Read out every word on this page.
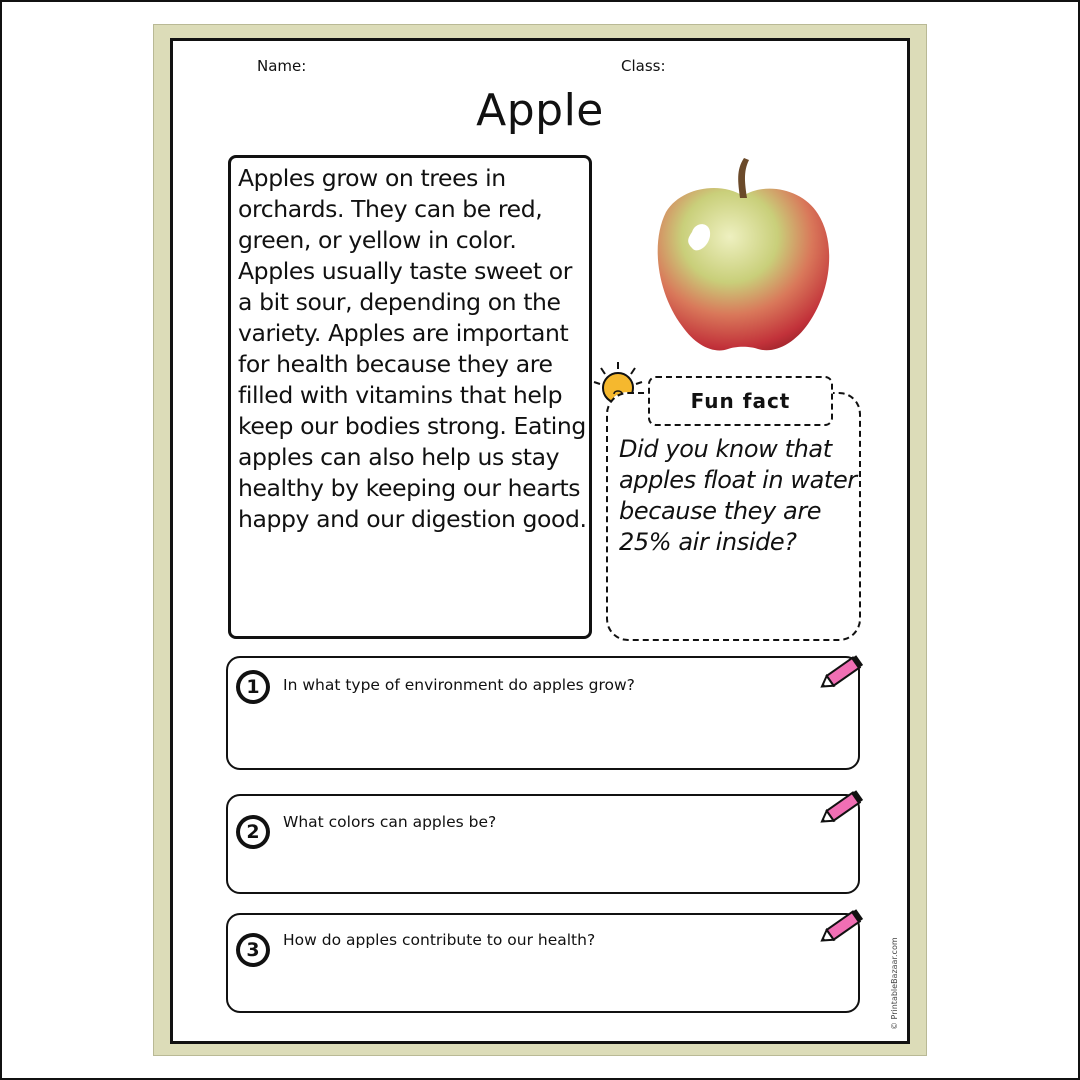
Name:	Class:
Apple
Apples grow on trees in orchards. They can be red, green, or yellow in color. Apples usually taste sweet or a bit sour, depending on the variety. Apples are important for health because they are filled with vitamins that help keep our bodies strong. Eating apples can also help us stay healthy by keeping our hearts happy and our digestion good.
Fun fact
Did you know that apples float in water because they are 25% air inside?
1	In what type of environment do apples grow?
2	What colors can apples be?
3	How do apples contribute to our health?	© PrintableBazaar.com
